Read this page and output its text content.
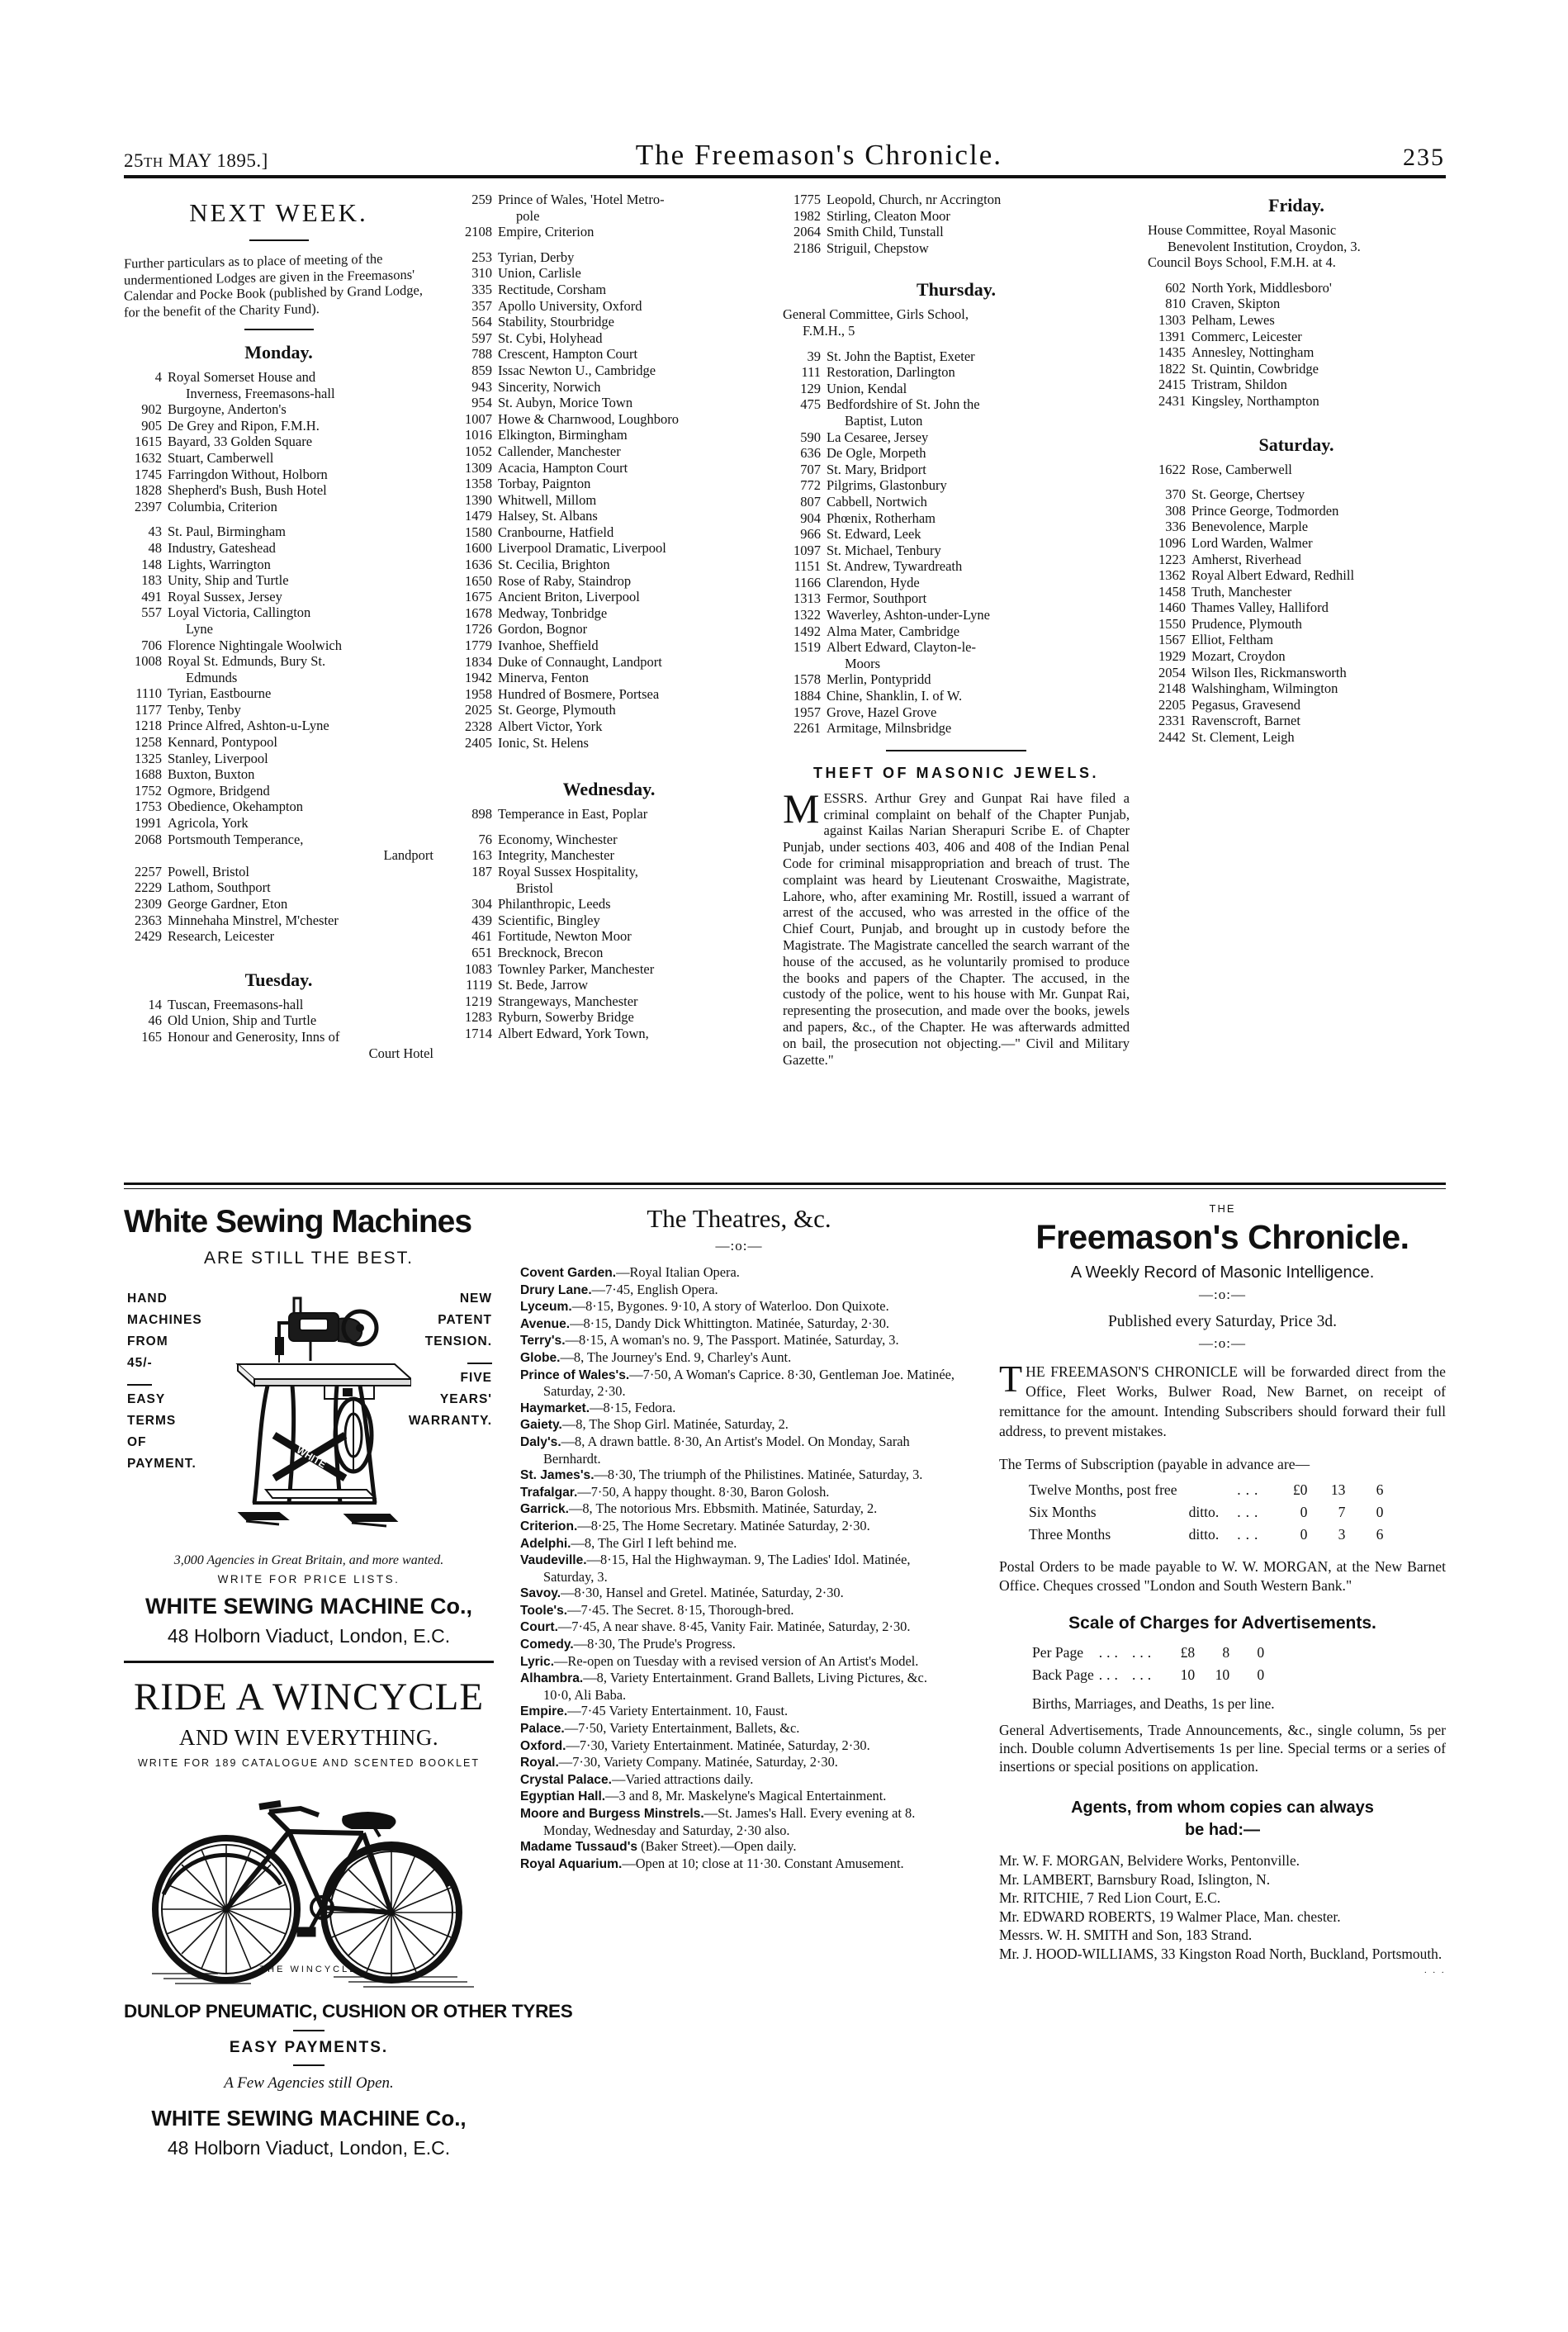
25TH MAY 1895.]	The Freemason's Chronicle.	235
NEXT WEEK.
Further particulars as to place of meeting of the undermentioned Lodges are given in the Freemasons' Calendar and Pocke Book (published by Grand Lodge, for the benefit of the Charity Fund).
Monday.
4 Royal Somerset House and
Inverness, Freemasons-hall
902 Burgoyne, Anderton's
905 De Grey and Ripon, F.M.H.
1615 Bayard, 33 Golden Square
1632 Stuart, Camberwell
1745 Farringdon Without, Holborn
1828 Shepherd's Bush, Bush Hotel
2397 Columbia, Criterion
43 St. Paul, Birmingham
48 Industry, Gateshead
148 Lights, Warrington
183 Unity, Ship and Turtle
491 Royal Sussex, Jersey
557 Loyal Victoria, Callington
Lyne
706 Florence Nightingale Woolwich
1008 Royal St. Edmunds, Bury St.
Edmunds
1110 Tyrian, Eastbourne
1177 Tenby, Tenby
1218 Prince Alfred, Ashton-u-Lyne
1258 Kennard, Pontypool
1325 Stanley, Liverpool
1688 Buxton, Buxton
1752 Ogmore, Bridgend
1753 Obedience, Okehampton
1991 Agricola, York
2068 Portsmouth Temperance,
Landport
2257 Powell, Bristol
2229 Lathom, Southport
2309 George Gardner, Eton
2363 Minnehaha Minstrel, M'chester
2429 Research, Leicester
Tuesday.
14 Tuscan, Freemasons-hall
46 Old Union, Ship and Turtle
165 Honour and Generosity, Inns of
Court Hotel
259 Prince of Wales, 'Hotel Metro-
pole
2108 Empire, Criterion
253 Tyrian, Derby
310 Union, Carlisle
335 Rectitude, Corsham
357 Apollo University, Oxford
564 Stability, Stourbridge
597 St. Cybi, Holyhead
788 Crescent, Hampton Court
859 Issac Newton U., Cambridge
943 Sincerity, Norwich
954 St. Aubyn, Morice Town
1007 Howe & Charnwood, Loughboro
1016 Elkington, Birmingham
1052 Callender, Manchester
1309 Acacia, Hampton Court
1358 Torbay, Paignton
1390 Whitwell, Millom
1479 Halsey, St. Albans
1580 Cranbourne, Hatfield
1600 Liverpool Dramatic, Liverpool
1636 St. Cecilia, Brighton
1650 Rose of Raby, Staindrop
1675 Ancient Briton, Liverpool
1678 Medway, Tonbridge
1726 Gordon, Bognor
1779 Ivanhoe, Sheffield
1834 Duke of Connaught, Landport
1942 Minerva, Fenton
1958 Hundred of Bosmere, Portsea
2025 St. George, Plymouth
2328 Albert Victor, York
2405 Ionic, St. Helens
Wednesday.
898 Temperance in East, Poplar
76 Economy, Winchester
163 Integrity, Manchester
187 Royal Sussex Hospitality,
Bristol
304 Philanthropic, Leeds
439 Scientific, Bingley
461 Fortitude, Newton Moor
651 Brecknock, Brecon
1083 Townley Parker, Manchester
1119 St. Bede, Jarrow
1219 Strangeways, Manchester
1283 Ryburn, Sowerby Bridge
1714 Albert Edward, York Town,
1775 Leopold, Church, nr Accrington
1982 Stirling, Cleaton Moor
2064 Smith Child, Tunstall
2186 Striguil, Chepstow
Thursday.
General Committee, Girls School,
F.M.H., 5
39 St. John the Baptist, Exeter
111 Restoration, Darlington
129 Union, Kendal
475 Bedfordshire of St. John the
Baptist, Luton
590 La Cesaree, Jersey
636 De Ogle, Morpeth
707 St. Mary, Bridport
772 Pilgrims, Glastonbury
807 Cabbell, Nortwich
904 Phœnix, Rotherham
966 St. Edward, Leek
1097 St. Michael, Tenbury
1151 St. Andrew, Tywardreath
1166 Clarendon, Hyde
1313 Fermor, Southport
1322 Waverley, Ashton-under-Lyne
1492 Alma Mater, Cambridge
1519 Albert Edward, Clayton-le-
Moors
1578 Merlin, Pontypridd
1884 Chine, Shanklin, I. of W.
1957 Grove, Hazel Grove
2261 Armitage, Milnsbridge
THEFT OF MASONIC JEWELS.
MESSRS. Arthur Grey and Gunpat Rai have filed a criminal complaint on behalf of the Chapter Punjab, against Kailas Narian Sherapuri Scribe E. of Chapter Punjab, under sections 403, 406 and 408 of the Indian Penal Code for criminal misappropriation and breach of trust. The complaint was heard by Lieutenant Croswaithe, Magistrate, Lahore, who, after examining Mr. Rostill, issued a warrant of arrest of the accused, who was arrested in the office of the Chief Court, Punjab, and brought up in custody before the Magistrate. The Magistrate cancelled the search warrant of the house of the accused, as he voluntarily promised to produce the books and papers of the Chapter. The accused, in the custody of the police, went to his house with Mr. Gunpat Rai, representing the prosecution, and made over the books, jewels and papers, &c., of the Chapter. He was afterwards admitted on bail, the prosecution not objecting.—" Civil and Military Gazette."
Friday.
House Committee, Royal Masonic
Benevolent Institution, Croydon, 3.
Council Boys School, F.M.H. at 4.
602 North York, Middlesboro'
810 Craven, Skipton
1303 Pelham, Lewes
1391 Commerc, Leicester
1435 Annesley, Nottingham
1822 St. Quintin, Cowbridge
2415 Tristram, Shildon
2431 Kingsley, Northampton
Saturday.
1622 Rose, Camberwell
370 St. George, Chertsey
308 Prince George, Todmorden
336 Benevolence, Marple
1096 Lord Warden, Walmer
1223 Amherst, Riverhead
1362 Royal Albert Edward, Redhill
1458 Truth, Manchester
1460 Thames Valley, Halliford
1550 Prudence, Plymouth
1567 Elliot, Feltham
1929 Mozart, Croydon
2054 Wilson Iles, Rickmansworth
2148 Walshingham, Wilmington
2205 Pegasus, Gravesend
2331 Ravenscroft, Barnet
2442 St. Clement, Leigh
White Sewing Machines
ARE STILL THE BEST.
HAND
MACHINES
FROM
45/-
EASY
TERMS
OF
PAYMENT.	WHITE
NEW
PATENT
TENSION.
FIVE
YEARS'
WARRANTY.
3,000 Agencies in Great Britain, and more wanted.
WRITE FOR PRICE LISTS.
WHITE SEWING MACHINE Co.,
48 Holborn Viaduct, London, E.C.
RIDE A WINCYCLE
AND WIN EVERYTHING.
WRITE FOR 189 CATALOGUE AND SCENTED BOOKLET
THE WINCYCLE
DUNLOP PNEUMATIC, CUSHION OR OTHER TYRES
EASY PAYMENTS.
A Few Agencies still Open.
WHITE SEWING MACHINE Co.,
48 Holborn Viaduct, London, E.C.
The Theatres, &c.
—:o:—
Covent Garden.—Royal Italian Opera.
Drury Lane.—7·45, English Opera.
Lyceum.—8·15, Bygones. 9·10, A story of Waterloo. Don Quixote.
Avenue.—8·15, Dandy Dick Whittington. Matinée, Saturday, 2·30.
Terry's.—8·15, A woman's no. 9, The Passport. Matinée, Saturday, 3.
Globe.—8, The Journey's End. 9, Charley's Aunt.
Prince of Wales's.—7·50, A Woman's Caprice. 8·30, Gentleman Joe. Matinée, Saturday, 2·30.
Haymarket.—8·15, Fedora.
Gaiety.—8, The Shop Girl. Matinée, Saturday, 2.
Daly's.—8, A drawn battle. 8·30, An Artist's Model. On Monday, Sarah Bernhardt.
St. James's.—8·30, The triumph of the Philistines. Matinée, Saturday, 3.
Trafalgar.—7·50, A happy thought. 8·30, Baron Golosh.
Garrick.—8, The notorious Mrs. Ebbsmith. Matinée, Saturday, 2.
Criterion.—8·25, The Home Secretary. Matinée Saturday, 2·30.
Adelphi.—8, The Girl I left behind me.
Vaudeville.—8·15, Hal the Highwayman. 9, The Ladies' Idol. Matinée, Saturday, 3.
Savoy.—8·30, Hansel and Gretel. Matinée, Saturday, 2·30.
Toole's.—7·45. The Secret. 8·15, Thorough-bred.
Court.—7·45, A near shave. 8·45, Vanity Fair. Matinée, Saturday, 2·30.
Comedy.—8·30, The Prude's Progress.
Lyric.—Re-open on Tuesday with a revised version of An Artist's Model.
Alhambra.—8, Variety Entertainment. Grand Ballets, Living Pictures, &c. 10·0, Ali Baba.
Empire.—7·45 Variety Entertainment. 10, Faust.
Palace.—7·50, Variety Entertainment, Ballets, &c.
Oxford.—7·30, Variety Entertainment. Matinée, Saturday, 2·30.
Royal.—7·30, Variety Company. Matinée, Saturday, 2·30.
Crystal Palace.—Varied attractions daily.
Egyptian Hall.—3 and 8, Mr. Maskelyne's Magical Entertainment.
Moore and Burgess Minstrels.—St. James's Hall. Every evening at 8. Monday, Wednesday and Saturday, 2·30 also.
Madame Tussaud's (Baker Street).—Open daily.
Royal Aquarium.—Open at 10; close at 11·30. Constant Amusement.
THE
Freemason's Chronicle.
A Weekly Record of Masonic Intelligence.
—:o:—
Published every Saturday, Price 3d.
—:o:—
THE FREEMASON'S CHRONICLE will be forwarded direct from the Office, Fleet Works, Bulwer Road, New Barnet, on receipt of remittance for the amount. Intending Subscribers should forward their full address, to prevent mistakes.
The Terms of Subscription (payable in advance are—
Twelve Months, post free		...	£0	13	6
Six Months	ditto.	...	0	7	0
Three Months	ditto.	...	0	3	6
Postal Orders to be made payable to W. W. MORGAN, at the New Barnet Office. Cheques crossed "London and South Western Bank."
Scale of Charges for Advertisements.
Per Page	...	...	£8	8	0
Back Page	...	...	10	10	0
Births, Marriages, and Deaths, 1s per line.
General Advertisements, Trade Announcements, &c., single column, 5s per inch. Double column Advertisements 1s per line. Special terms or a series of insertions or special positions on application.
Agents, from whom copies can always
be had:—

Mr. W. F. MORGAN, Belvidere Works, Pentonville.

Mr. LAMBERT, Barnsbury Road, Islington, N.

Mr. RITCHIE, 7 Red Lion Court, E.C.

Mr. EDWARD ROBERTS, 19 Walmer Place, Man. chester.

Messrs. W. H. SMITH and Son, 183 Strand.

Mr. J. HOOD-WILLIAMS, 33 Kingston Road North, Buckland, Portsmouth.

· · ·
